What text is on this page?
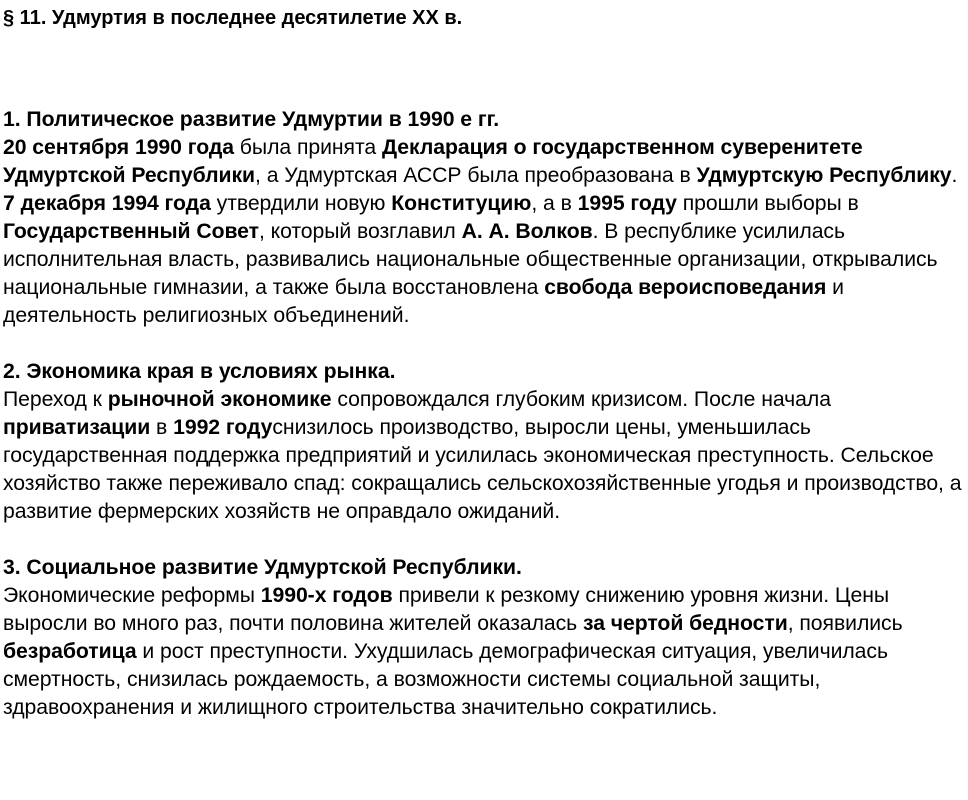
§ 11. Удмуртия в последнее десятилетие XX в.
1. Политическое развитие Удмуртии в 1990 е гг.

20 сентября 1990 года была принята Декларация о государственном суверенитете Удмуртской Республики, а Удмуртская АССР была преобразована в Удмуртскую Республику. 7 декабря 1994 года утвердили новую Конституцию, а в 1995 году прошли выборы в Государственный Совет, который возглавил А. А. Волков. В республике усилилась исполнительная власть, развивались национальные общественные организации, открывались национальные гимназии, а также была восстановлена свобода вероисповедания и деятельность религиозных объединений.

2. Экономика края в условиях рынка.

Переход к рыночной экономике сопровождался глубоким кризисом. После начала приватизации в 1992 годуснизилось производство, выросли цены, уменьшилась государственная поддержка предприятий и усилилась экономическая преступность. Сельское хозяйство также переживало спад: сокращались сельскохозяйственные угодья и производство, а развитие фермерских хозяйств не оправдало ожиданий.

3. Социальное развитие Удмуртской Республики.

Экономические реформы 1990-х годов привели к резкому снижению уровня жизни. Цены выросли во много раз, почти половина жителей оказалась за чертой бедности, появились безработица и рост преступности. Ухудшилась демографическая ситуация, увеличилась смертность, снизилась рождаемость, а возможности системы социальной защиты, здравоохранения и жилищного строительства значительно сократились.
